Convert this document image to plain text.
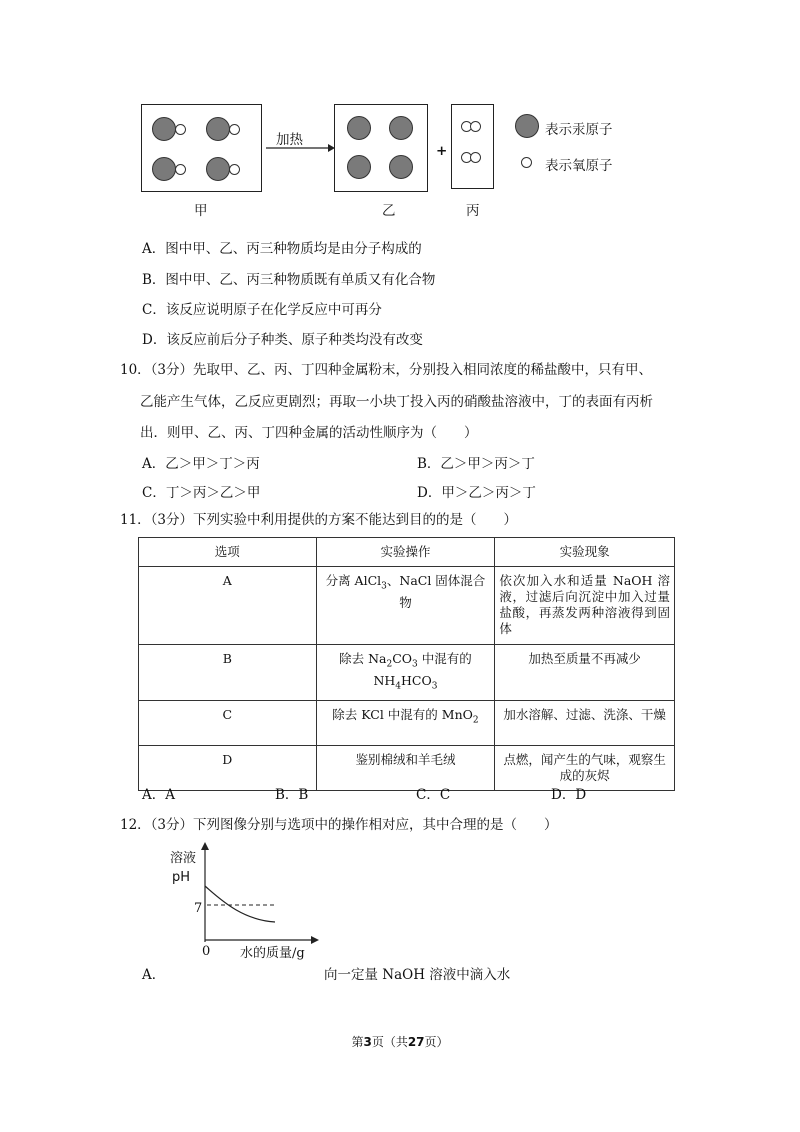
加热
+
表示汞原子
表示氧原子
甲	乙	丙
A．图中甲、乙、丙三种物质均是由分子构成的
B．图中甲、乙、丙三种物质既有单质又有化合物
C．该反应说明原子在化学反应中可再分
D．该反应前后分子种类、原子种类均没有改变
10．（3分）先取甲、乙、丙、丁四种金属粉末，分别投入相同浓度的稀盐酸中，只有甲、
乙能产生气体，乙反应更剧烈；再取一小块丁投入丙的硝酸盐溶液中，丁的表面有丙析
出．则甲、乙、丙、丁四种金属的活动性顺序为（　　）
A．乙＞甲＞丁＞丙	B．乙＞甲＞丙＞丁
C．丁＞丙＞乙＞甲	D．甲＞乙＞丙＞丁
11．（3分）下列实验中利用提供的方案不能达到目的的是（　　）
选项	实验操作	实验现象
A	分离 AlCl$_3$、NaCl 固体混合物	依次加入水和适量 NaOH 溶液，过滤后向沉淀中加入过量盐酸，再蒸发两种溶液得到固体
B	除去 $Na_2CO_3$ 中混有的 $NH_4HCO_3$	加热至质量不再减少
C	除去 KCl 中混有的 MnO$_2$	加水溶解、过滤、洗涤、干燥
D	鉴别棉绒和羊毛绒	点燃，闻产生的气味，观察生成的灰烬
A．A	B．B	C．C	D．D
12．（3分）下列图像分别与选项中的操作相对应，其中合理的是（　　）
溶液
pH
7
0 水的质量/g
A．	向一定量 NaOH 溶液中滴入水
第3页（共27页）
